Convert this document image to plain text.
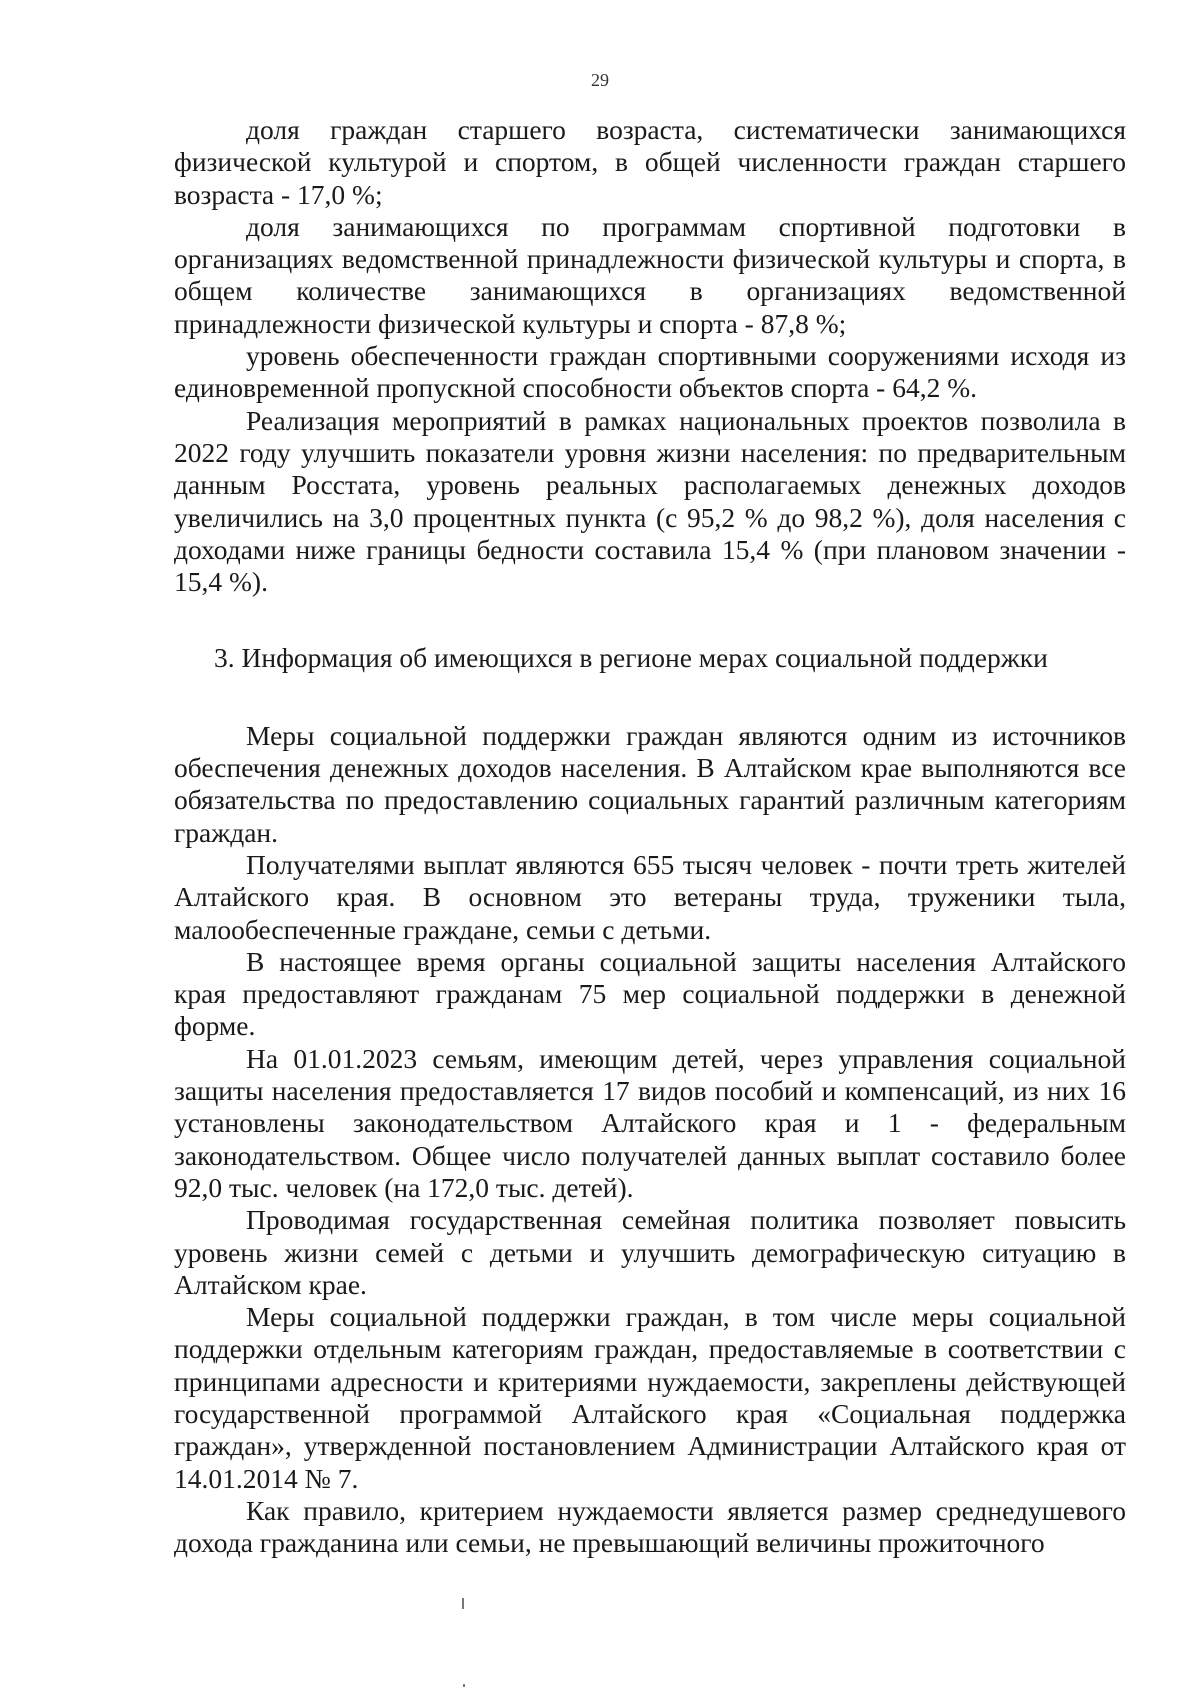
29

доля граждан старшего возраста, систематически занимающихся физической культурой и спортом, в общей численности граждан старшего возраста - 17,0 %;

доля занимающихся по программам спортивной подготовки в организациях ведомственной принадлежности физической культуры и спорта, в общем количестве занимающихся в организациях ведомственной принадлежности физической культуры и спорта - 87,8 %;

уровень обеспеченности граждан спортивными сооружениями исходя из единовременной пропускной способности объектов спорта - 64,2 %.

Реализация мероприятий в рамках национальных проектов позволила в 2022 году улучшить показатели уровня жизни населения: по предварительным данным Росстата, уровень реальных располагаемых денежных доходов увеличились на 3,0 процентных пункта (с 95,2 % до 98,2 %), доля населения с доходами ниже границы бедности составила 15,4 % (при плановом значении - 15,4 %).

3. Информация об имеющихся в регионе мерах социальной поддержки

Меры социальной поддержки граждан являются одним из источников обеспечения денежных доходов населения. В Алтайском крае выполняются все обязательства по предоставлению социальных гарантий различным категориям граждан.

Получателями выплат являются 655 тысяч человек - почти треть жителей Алтайского края. В основном это ветераны труда, труженики тыла, малообеспеченные граждане, семьи с детьми.

В настоящее время органы социальной защиты населения Алтайского края предоставляют гражданам 75 мер социальной поддержки в денежной форме.

На 01.01.2023 семьям, имеющим детей, через управления социальной защиты населения предоставляется 17 видов пособий и компенсаций, из них 16 установлены законодательством Алтайского края и 1 - федеральным законодательством. Общее число получателей данных выплат составило более 92,0 тыс. человек (на 172,0 тыс. детей).

Проводимая государственная семейная политика позволяет повысить уровень жизни семей с детьми и улучшить демографическую ситуацию в Алтайском крае.

Меры социальной поддержки граждан, в том числе меры социальной поддержки отдельным категориям граждан, предоставляемые в соответствии с принципами адресности и критериями нуждаемости, закреплены действующей государственной программой Алтайского края «Социальная поддержка граждан», утвержденной постановлением Администрации Алтайского края от 14.01.2014 № 7.

Как правило, критерием нуждаемости является размер среднедушевого дохода гражданина или семьи, не превышающий величины прожиточного
